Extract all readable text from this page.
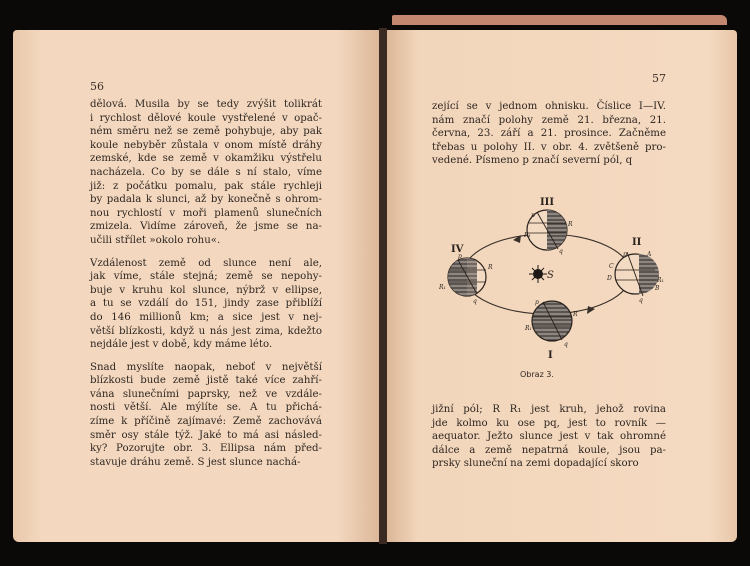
56
dělová. Musila by se tedy zvýšit tolikrát
i rychlost dělové koule vystřelené v opač-
ném směru než se země pohybuje, aby pak
koule nebyběr zůstala v onom místě dráhy
zemské, kde se země v okamžiku výstřelu
nacházela. Co by se dále s ní stalo, víme
již: z počátku pomalu, pak stále rychleji
by padala k slunci, až by konečně s ohrom-
nou rychlostí v moři plamenů slunečních
zmizela. Vidíme zároveň, že jsme se na-
učili střílet »okolo rohu«.
Vzdálenost země od slunce není ale,
jak víme, stále stejná; země se nepohy-
buje v kruhu kol slunce, nýbrž v ellipse,
a tu se vzdálí do 151, jindy zase přiblíží
do 146 millionů km; a sice jest v nej-
větší blízkosti, když u nás jest zima, kdežto
nejdále jest v době, kdy máme léto.
Snad myslíte naopak, neboť v největší
blízkosti bude země jistě také více zahří-
vána slunečními paprsky, než ve vzdále-
nosti větší. Ale mýlíte se. A tu přichá-
zíme k příčině zajímavé: Země zachovává
směr osy stále týž. Jaké to má asi násled-
ky? Pozorujte obr. 3. Ellipsa nám před-
stavuje dráhu země. S jest slunce nachá-
57
zející se v jednom ohnisku. Číslice I—IV.
nám značí polohy země 21. března, 21.
června, 23. září a 21. prosince. Začněme
třebas u polohy II. v obr. 4. zvětšeně pro-
vedené. Písmeno p značí severní pól, q
S
III
p
R
R₁
q
IV
p
R
R₁
q
II
p	A
C
D	R₁
B
q
I
p
R
R₁
q
Obraz 3.
jižní pól; R R₁ jest kruh, jehož rovina
jde kolmo ku ose pq, jest to rovník —
aequator. Ježto slunce jest v tak ohromné
dálce a země nepatrná koule, jsou pa-
prsky sluneční na zemi dopadající skoro
